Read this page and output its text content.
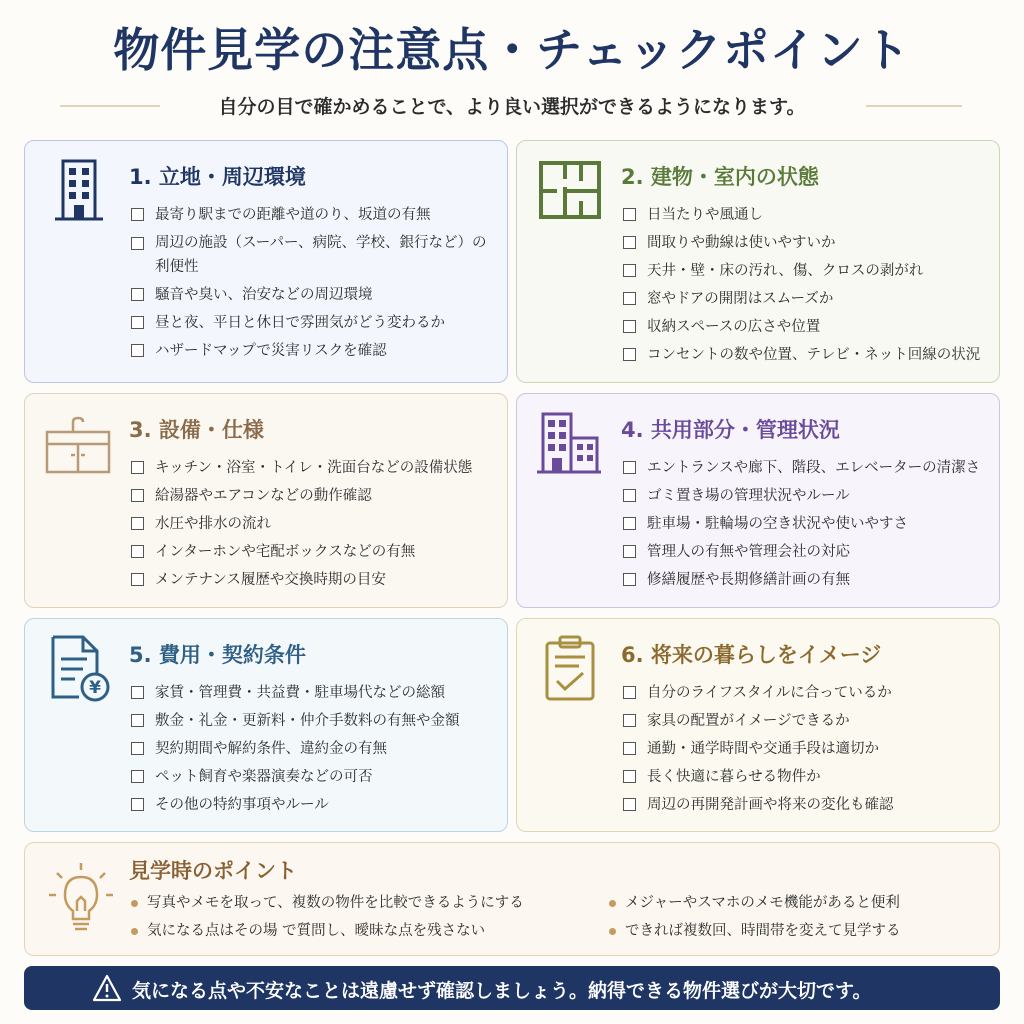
物件見学の注意点・チェックポイント
自分の目で確かめることで、より良い選択ができるようになります。
1. 立地・周辺環境
最寄り駅までの距離や道のり、坂道の有無
周辺の施設（スーパー、病院、学校、銀行など）の利便性
騒音や臭い、治安などの周辺環境
昼と夜、平日と休日で雰囲気がどう変わるか
ハザードマップで災害リスクを確認
2. 建物・室内の状態
日当たりや風通し
間取りや動線は使いやすいか
天井・壁・床の汚れ、傷、クロスの剥がれ
窓やドアの開閉はスムーズか
収納スペースの広さや位置
コンセントの数や位置、テレビ・ネット回線の状況
3. 設備・仕様
キッチン・浴室・トイレ・洗面台などの設備状態
給湯器やエアコンなどの動作確認
水圧や排水の流れ
インターホンや宅配ボックスなどの有無
メンテナンス履歴や交換時期の目安
4. 共用部分・管理状況
エントランスや廊下、階段、エレベーターの清潔さ
ゴミ置き場の管理状況やルール
駐車場・駐輪場の空き状況や使いやすさ
管理人の有無や管理会社の対応
修繕履歴や長期修繕計画の有無
¥
5. 費用・契約条件
家賃・管理費・共益費・駐車場代などの総額
敷金・礼金・更新料・仲介手数料の有無や金額
契約期間や解約条件、違約金の有無
ペット飼育や楽器演奏などの可否
その他の特約事項やルール
6. 将来の暮らしをイメージ
自分のライフスタイルに合っているか
家具の配置がイメージできるか
通勤・通学時間や交通手段は適切か
長く快適に暮らせる物件か
周辺の再開発計画や将来の変化も確認
見学時のポイント
写真やメモを取って、複数の物件を比較できるようにする
気になる点はその場 で質問し、曖昧な点を残さない
メジャーやスマホのメモ機能があると便利
できれば複数回、時間帯を変えて見学する
気になる点や不安なことは遠慮せず確認しましょう。納得できる物件選びが大切です。
